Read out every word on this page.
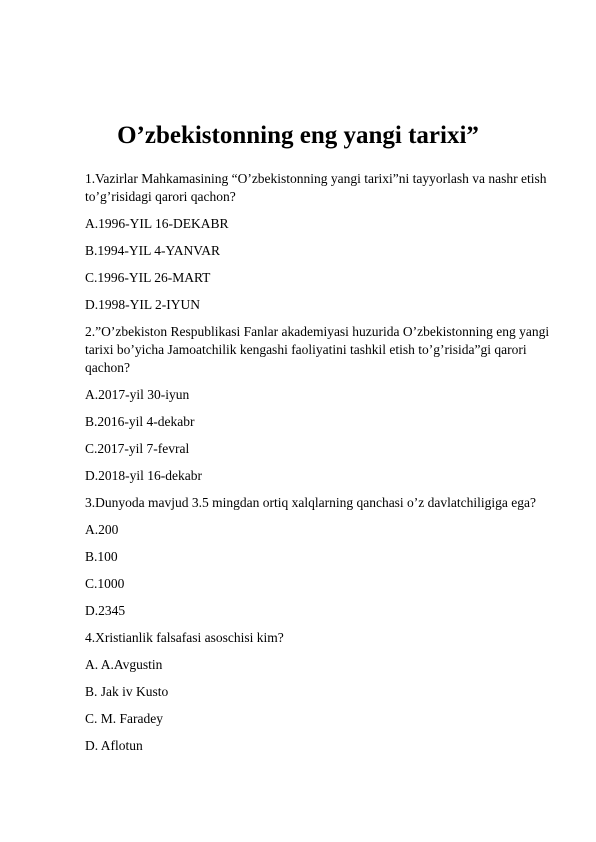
O’zbekistonning eng yangi tarixi”
1.Vazirlar Mahkamasining “O’zbekistonning yangi tarixi”ni tayyorlash va nashr etish to’g’risidagi qarori qachon?
A.1996-YIL 16-DEKABR
B.1994-YIL 4-YANVAR
C.1996-YIL 26-MART
D.1998-YIL 2-IYUN
2.”O’zbekiston Respublikasi Fanlar akademiyasi huzurida O’zbekistonning eng yangi tarixi bo’yicha Jamoatchilik kengashi faoliyatini tashkil etish to’g’risida”gi qarori qachon?
A.2017-yil 30-iyun
B.2016-yil 4-dekabr
C.2017-yil 7-fevral
D.2018-yil 16-dekabr
3.Dunyoda mavjud 3.5 mingdan ortiq xalqlarning qanchasi o’z davlatchiligiga ega?
A.200
B.100
C.1000
D.2345
4.Xristianlik falsafasi asoschisi kim?
A. A.Avgustin
B. Jak iv Kusto
C. M. Faradey
D. Aflotun
